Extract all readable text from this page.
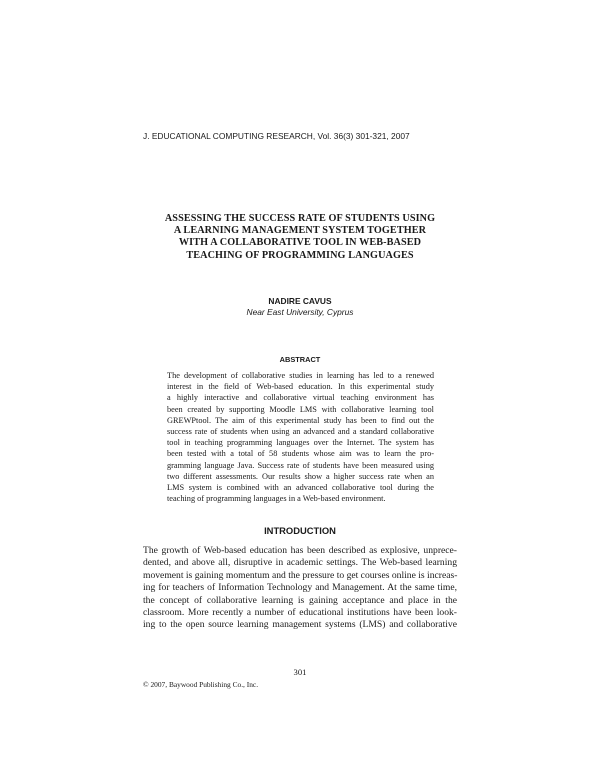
J. EDUCATIONAL COMPUTING RESEARCH, Vol. 36(3) 301-321, 2007
ASSESSING THE SUCCESS RATE OF STUDENTS USING
A LEARNING MANAGEMENT SYSTEM TOGETHER
WITH A COLLABORATIVE TOOL IN WEB-BASED
TEACHING OF PROGRAMMING LANGUAGES
NADIRE CAVUS
Near East University, Cyprus
ABSTRACT
The development of collaborative studies in learning has led to a renewed
interest in the field of Web-based education. In this experimental study
a highly interactive and collaborative virtual teaching environment has
been created by supporting Moodle LMS with collaborative learning tool
GREWPtool. The aim of this experimental study has been to find out the
success rate of students when using an advanced and a standard collaborative
tool in teaching programming languages over the Internet. The system has
been tested with a total of 58 students whose aim was to learn the pro-
gramming language Java. Success rate of students have been measured using
two different assessments. Our results show a higher success rate when an
LMS system is combined with an advanced collaborative tool during the
teaching of programming languages in a Web-based environment.
INTRODUCTION
The growth of Web-based education has been described as explosive, unprece-
dented, and above all, disruptive in academic settings. The Web-based learning
movement is gaining momentum and the pressure to get courses online is increas-
ing for teachers of Information Technology and Management. At the same time,
the concept of collaborative learning is gaining acceptance and place in the
classroom. More recently a number of educational institutions have been look-
ing to the open source learning management systems (LMS) and collaborative
301
© 2007, Baywood Publishing Co., Inc.
